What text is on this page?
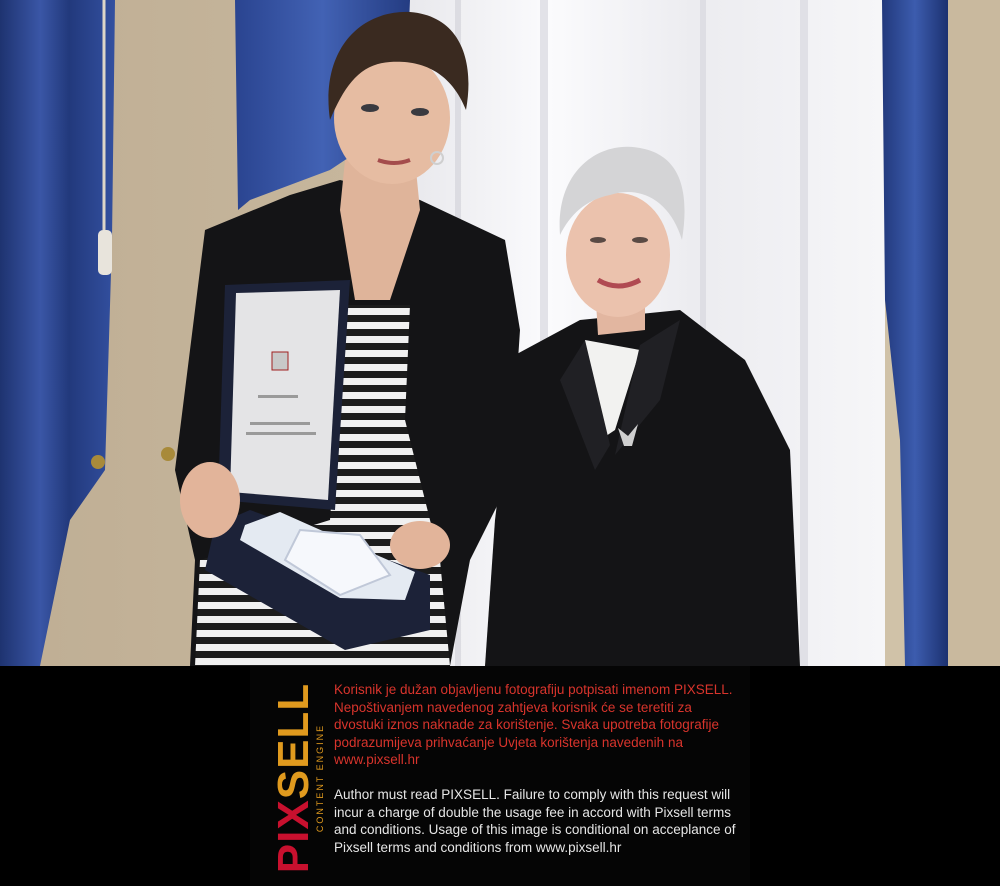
PIXSELL
CONTENT ENGINE
Korisnik je dužan objavljenu fotografiju potpisati imenom PIXSELL. Nepoštivanjem navedenog zahtjeva korisnik će se teretiti za dvostuki iznos naknade za korištenje. Svaka upotreba fotografije podrazumijeva prihvaćanje Uvjeta korištenja navedenih na www.pixsell.hr
Author must read PIXSELL. Failure to comply with this request will incur a charge of double the usage fee in accord with Pixsell terms and conditions. Usage of this image is conditional on acceplance of Pixsell terms and conditions from www.pixsell.hr
